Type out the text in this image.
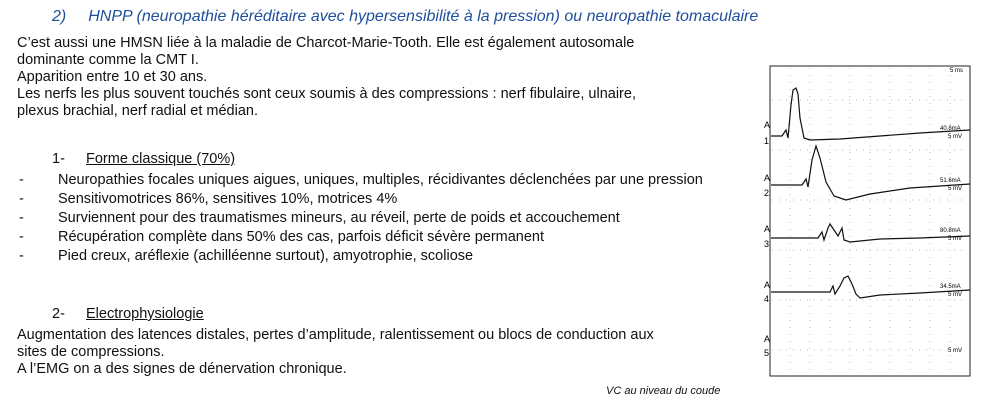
2) HNPP (neuropathie héréditaire avec hypersensibilité à la pression) ou neuropathie tomaculaire
C’est aussi une HMSN liée à la maladie de Charcot-Marie-Tooth. Elle est également autosomale
dominante comme la CMT I.
Apparition entre 10 et 30 ans.
Les nerfs les plus souvent touchés sont ceux soumis à des compressions : nerf fibulaire, ulnaire,
plexus brachial, nerf radial et médian.
1- Forme classique (70%)
- Neuropathies focales uniques aigues, uniques, multiples, récidivantes déclenchées par une pression
- Sensitivomotrices 86%, sensitives 10%, motrices 4%
- Surviennent pour des traumatismes mineurs, au réveil, perte de poids et accouchement
- Récupération complète dans 50% des cas, parfois déficit sévère permanent
- Pied creux, aréflexie (achilléenne surtout), amyotrophie, scoliose
2- Electrophysiologie
Augmentation des latences distales, pertes d’amplitude, ralentissement ou blocs de conduction aux
sites de compressions.
A l’EMG on a des signes de dénervation chronique.
5 ms
A
1
40.8mA
5 mV
A
2
51.6mA
5 mV
A
3
80.8mA
5 mV
A
4
34.5mA
5 mV
A
5	5 mV
VC au niveau du coude
